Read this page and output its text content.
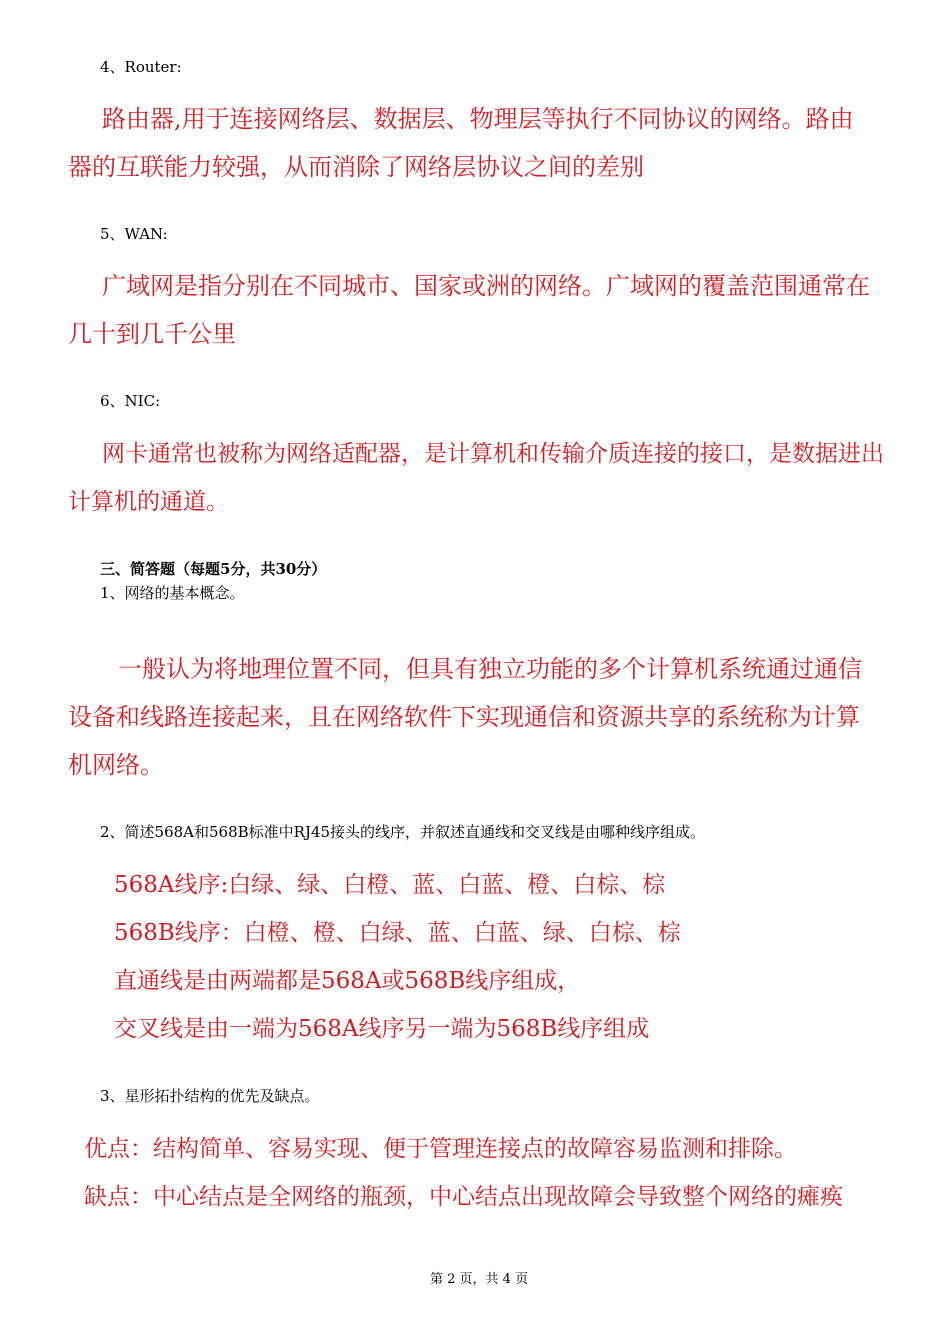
4、Router:

路由器,用于连接网络层、数据层、物理层等执行不同协议的网络。路由

器的互联能力较强，从而消除了网络层协议之间的差别

5、WAN:

广域网是指分别在不同城市、国家或洲的网络。广域网的覆盖范围通常在

几十到几千公里

6、NIC:

网卡通常也被称为网络适配器，是计算机和传输介质连接的接口，是数据进出

计算机的通道。

三、简答题（每题5分，共30分）
1、网络的基本概念。

一般认为将地理位置不同，但具有独立功能的多个计算机系统通过通信

设备和线路连接起来，且在网络软件下实现通信和资源共享的系统称为计算

机网络。

2、简述568A和568B标准中RJ45接头的线序，并叙述直通线和交叉线是由哪种线序组成。

568A线序:白绿、绿、白橙、蓝、白蓝、橙、白棕、棕

568B线序：白橙、橙、白绿、蓝、白蓝、绿、白棕、棕

直通线是由两端都是568A或568B线序组成，

交叉线是由一端为568A线序另一端为568B线序组成

3、星形拓扑结构的优先及缺点。

优点：结构简单、容易实现、便于管理连接点的故障容易监测和排除。

缺点：中心结点是全网络的瓶颈，中心结点出现故障会导致整个网络的瘫痪

第 2 页，共 4 页
